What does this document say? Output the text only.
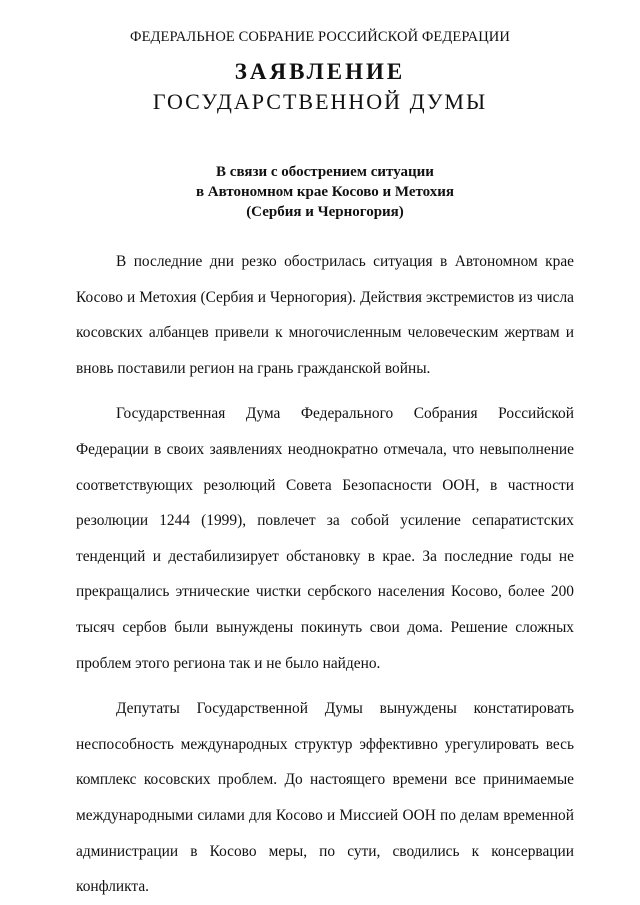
ФЕДЕРАЛЬНОЕ СОБРАНИЕ РОССИЙСКОЙ ФЕДЕРАЦИИ
ЗАЯВЛЕНИЕ
ГОСУДАРСТВЕННОЙ ДУМЫ
В связи с обострением ситуации
в Автономном крае Косово и Метохия
(Сербия и Черногория)

В последние дни резко обострилась ситуация в Автономном крае Косово и Метохия (Сербия и Черногория). Действия экстремистов из числа косовских албанцев привели к многочисленным человеческим жертвам и вновь поставили регион на грань гражданской войны.

Государственная Дума Федерального Собрания Российской Федерации в своих заявлениях неоднократно отмечала, что невыполнение соответствующих резолюций Совета Безопасности ООН, в частности резолюции 1244 (1999), повлечет за собой усиление сепаратистских тенденций и дестабилизирует обстановку в крае. За последние годы не прекращались этнические чистки сербского населения Косово, более 200 тысяч сербов были вынуждены покинуть свои дома. Решение сложных проблем этого региона так и не было найдено.

Депутаты Государственной Думы вынуждены констатировать неспособность международных структур эффективно урегулировать весь комплекс косовских проблем. До настоящего времени все принимаемые международными силами для Косово и Миссией ООН по делам временной администрации в Косово меры, по сути, сводились к консервации конфликта.
